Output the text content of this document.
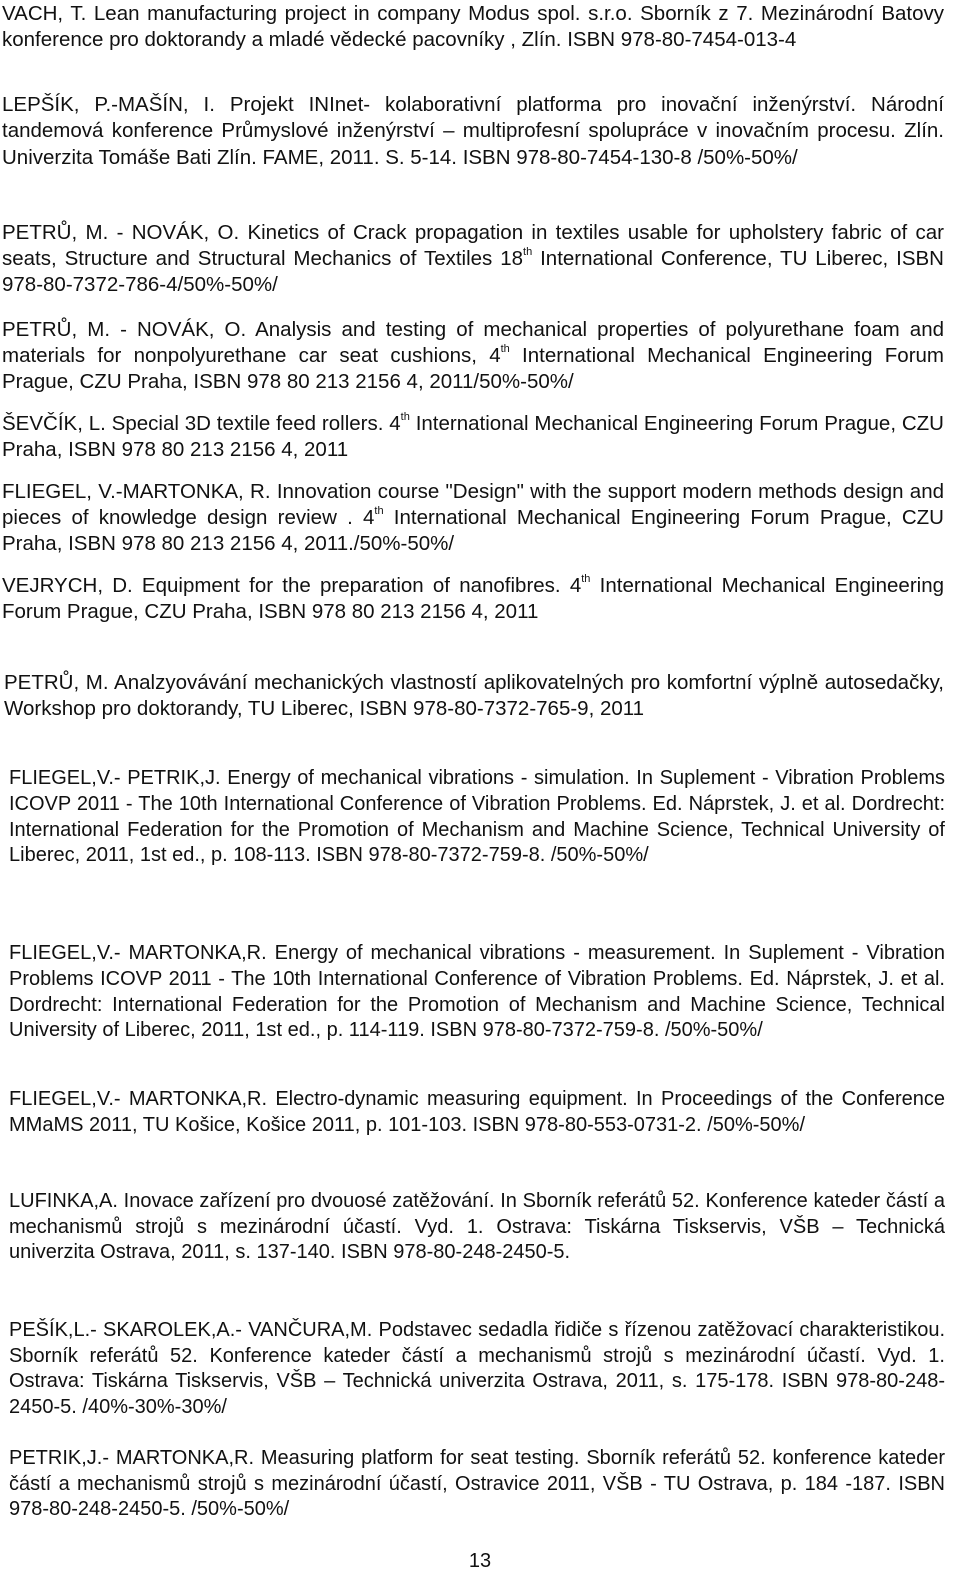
VACH, T. Lean manufacturing project in company Modus spol. s.r.o. Sborník z 7. Mezinárodní Batovy konference pro doktorandy a mladé vědecké pacovníky , Zlín. ISBN 978-80-7454-013-4

LEPŠÍK, P.-MAŠÍN, I. Projekt INInet- kolaborativní platforma pro inovační inženýrství. Národní tandemová konference Průmyslové inženýrství – multiprofesní spolupráce v inovačním procesu. Zlín. Univerzita Tomáše Bati Zlín. FAME, 2011. S. 5-14. ISBN 978-80-7454-130-8 /50%-50%/

PETRŮ, M. - NOVÁK, O. Kinetics of Crack propagation in textiles usable for upholstery fabric of car seats, Structure and Structural Mechanics of Textiles 18th International Conference, TU Liberec, ISBN 978-80-7372-786-4/50%-50%/

PETRŮ, M. - NOVÁK, O. Analysis and testing of mechanical properties of polyurethane foam and materials for nonpolyurethane car seat cushions, 4th International Mechanical Engineering Forum Prague, CZU Praha, ISBN 978 80 213 2156 4, 2011/50%-50%/

ŠEVČÍK, L. Special 3D textile feed rollers. 4th International Mechanical Engineering Forum Prague, CZU Praha, ISBN 978 80 213 2156 4, 2011

FLIEGEL, V.-MARTONKA, R. Innovation course "Design" with the support modern methods design and pieces of knowledge design review . 4th International Mechanical Engineering Forum Prague, CZU Praha, ISBN 978 80 213 2156 4, 2011./50%-50%/

VEJRYCH, D. Equipment for the preparation of nanofibres. 4th International Mechanical Engineering Forum Prague, CZU Praha, ISBN 978 80 213 2156 4, 2011

PETRŮ, M. Analzyovávání mechanických vlastností aplikovatelných pro komfortní výplně autosedačky, Workshop pro doktorandy, TU Liberec, ISBN 978-80-7372-765-9, 2011

FLIEGEL,V.- PETRIK,J. Energy of mechanical vibrations - simulation. In Suplement - Vibration Problems ICOVP 2011 - The 10th International Conference of Vibration Problems. Ed. Náprstek, J. et al. Dordrecht: International Federation for the Promotion of Mechanism and Machine Science, Technical University of Liberec, 2011, 1st ed., p. 108-113. ISBN 978-80-7372-759-8. /50%-50%/

FLIEGEL,V.- MARTONKA,R. Energy of mechanical vibrations - measurement. In Suplement - Vibration Problems ICOVP 2011 - The 10th International Conference of Vibration Problems. Ed. Náprstek, J. et al. Dordrecht: International Federation for the Promotion of Mechanism and Machine Science, Technical University of Liberec, 2011, 1st ed., p. 114-119. ISBN 978-80-7372-759-8. /50%-50%/

FLIEGEL,V.- MARTONKA,R. Electro-dynamic measuring equipment. In Proceedings of the Conference MMaMS 2011, TU Košice, Košice 2011, p. 101-103. ISBN 978-80-553-0731-2. /50%-50%/

LUFINKA,A. Inovace zařízení pro dvouosé zatěžování. In Sborník referátů 52. Konference kateder částí a mechanismů strojů s mezinárodní účastí. Vyd. 1. Ostrava: Tiskárna Tiskservis, VŠB – Technická univerzita Ostrava, 2011, s. 137-140. ISBN 978-80-248-2450-5.

PEŠÍK,L.- SKAROLEK,A.- VANČURA,M. Podstavec sedadla řidiče s řízenou zatěžovací charakteristikou. Sborník referátů 52. Konference kateder částí a mechanismů strojů s mezinárodní účastí. Vyd. 1. Ostrava: Tiskárna Tiskservis, VŠB – Technická univerzita Ostrava, 2011, s. 175-178. ISBN 978-80-248-2450-5. /40%-30%-30%/

PETRIK,J.- MARTONKA,R. Measuring platform for seat testing. Sborník referátů 52. konference kateder částí a mechanismů strojů s mezinárodní účastí, Ostravice 2011, VŠB - TU Ostrava, p. 184 -187. ISBN 978-80-248-2450-5. /50%-50%/

13
